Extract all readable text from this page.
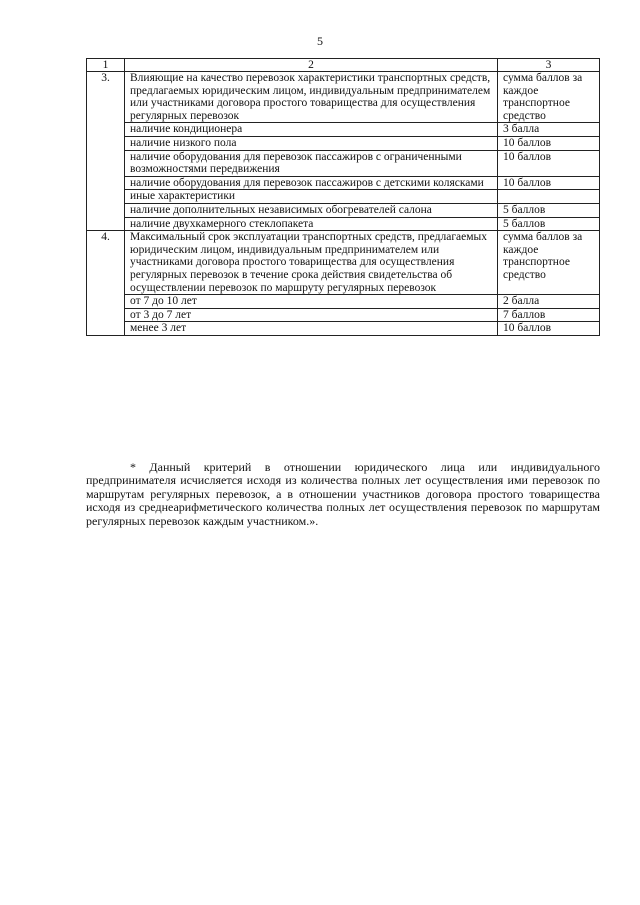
5
1	2	3
3.	Влияющие на качество перевозок характеристики транспортных средств, предлагаемых юридическим лицом, индивидуальным предпринимателем или участниками договора простого товарищества для осуществления регулярных перевозок	сумма баллов за каждое транспортное средство
	наличие кондиционера	3 балла
	наличие низкого пола	10 баллов
	наличие оборудования для перевозок пассажиров с ограниченными возможностями передвижения	10 баллов
	наличие оборудования для перевозок пассажиров с детскими колясками	10 баллов
	иные характеристики	
	наличие дополнительных независимых обогревателей салона	5 баллов
	наличие двухкамерного стеклопакета	5 баллов
4.	Максимальный срок эксплуатации транспортных средств, предлагаемых юридическим лицом, индивидуальным предпринимателем или участниками договора простого товарищества для осуществления регулярных перевозок в течение срока действия свидетельства об осуществлении перевозок по маршруту регулярных перевозок	сумма баллов за каждое транспортное средство
	от 7 до 10 лет	2 балла
	от 3 до 7 лет	7 баллов
	менее 3 лет	10 баллов

* Данный критерий в отношении юридического лица или индивидуального предпринимателя исчисляется исходя из количества полных лет осуществления ими перевозок по маршрутам регулярных перевозок, а в отношении участников договора простого товарищества исходя из среднеарифметического количества полных лет осуществления перевозок по маршрутам регулярных перевозок каждым участником.».
